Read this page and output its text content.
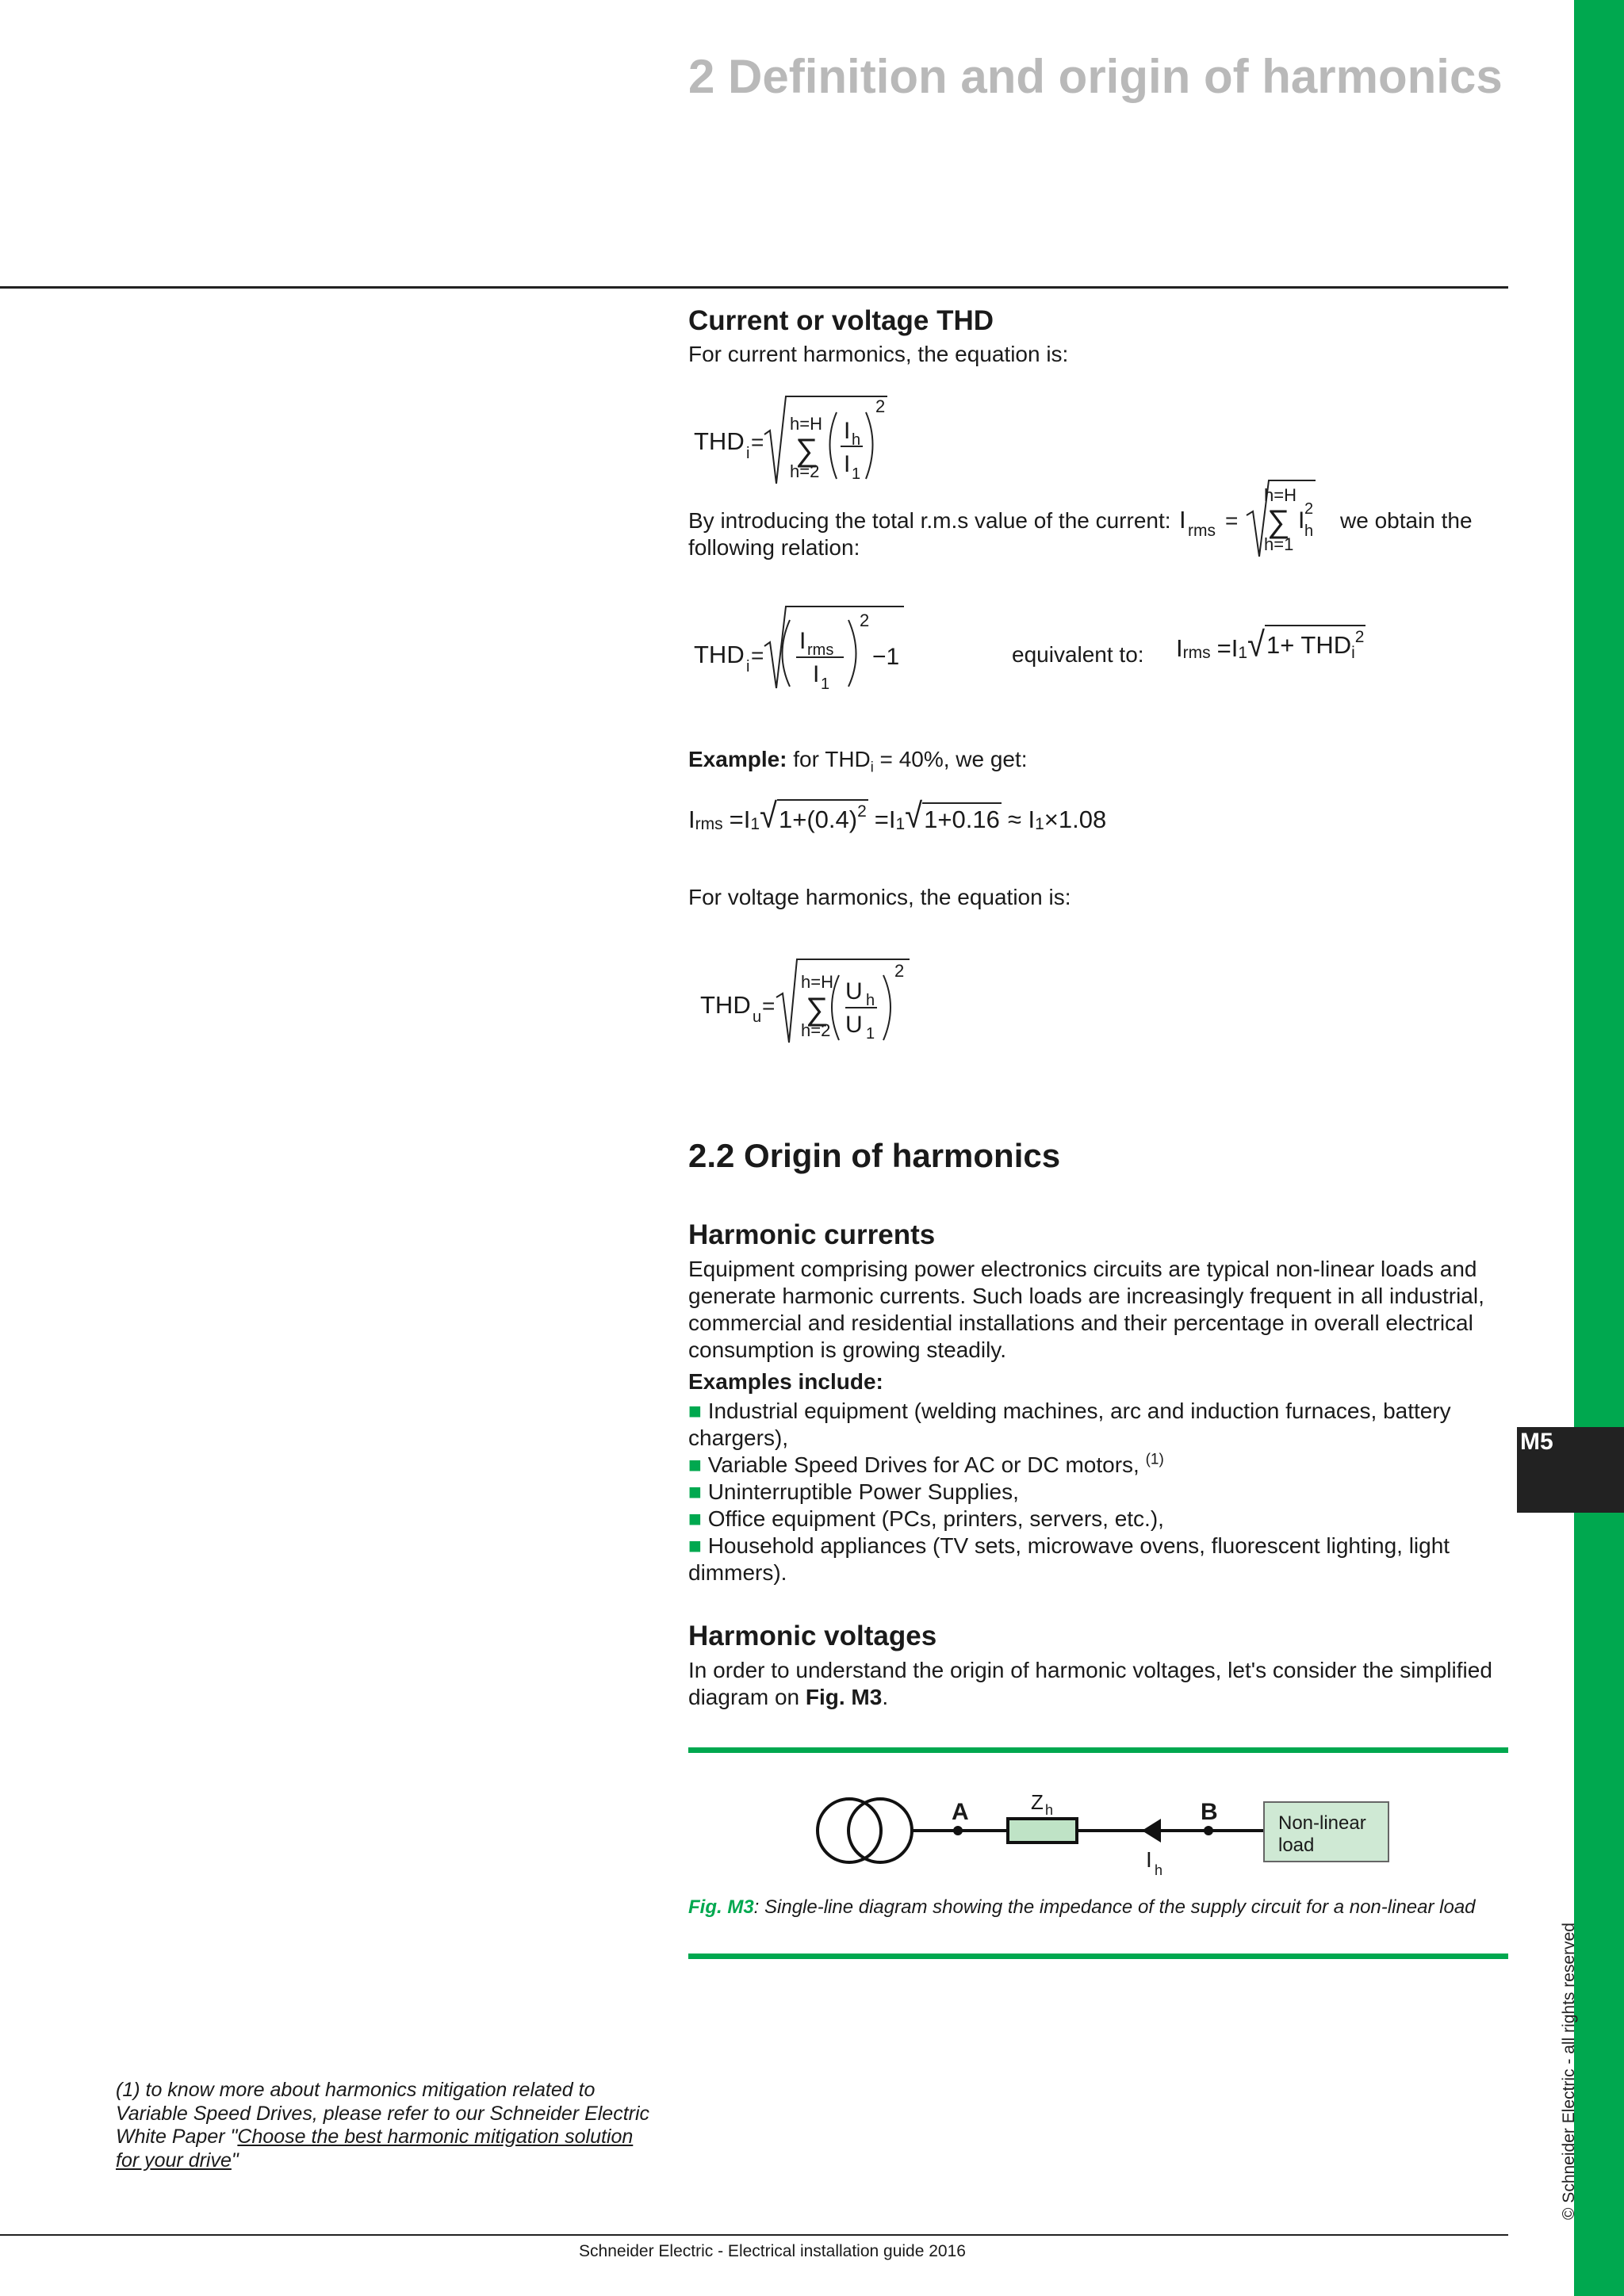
2 Definition and origin of harmonics
M5
© Schneider Electric - all rights reserved
Current or voltage THD
For current harmonics, the equation is:
By introducing the total r.m.s value of the current:	we obtain the
following relation:
equivalent to:
Example: for $THD_i = 40\%$, we get:
I rms =I 1 √ $1+(0.4)^2 =I$ 1 √ 1+0.16 ≈ I 1 ×1.08
I rms =I 1 √ $1+ THD_i^2$
For voltage harmonics, the equation is:
THD i =
h=H
∑
h=2
I h
I 1
2
I rms =
h=H
∑
h=1
I 2
h
THD i =
I rms
I 1
2
−1
THD u =
h=H
∑
h=2
U h
U 1
2
A	B
Z h
I h
Non-linear
load
2.2 Origin of harmonics
Harmonic currents
Equipment comprising power electronics circuits are typical non-linear loads and generate harmonic currents. Such loads are increasingly frequent in all industrial, commercial and residential installations and their percentage in overall electrical consumption is growing steadily.
Examples include:
■ Industrial equipment (welding machines, arc and induction furnaces, battery chargers),
■ Variable Speed Drives for AC or DC motors, $^{(1)}$
■ Uninterruptible Power Supplies,
■ Office equipment (PCs, printers, servers, etc.),
■ Household appliances (TV sets, microwave ovens, fluorescent lighting, light dimmers).
Harmonic voltages
In order to understand the origin of harmonic voltages, let's consider the simplified diagram on Fig. M3.
Fig. M3: Single-line diagram showing the impedance of the supply circuit for a non-linear load
(1) to know more about harmonics mitigation related to Variable Speed Drives, please refer to our Schneider Electric White Paper "Choose the best harmonic mitigation solution for your drive"
Schneider Electric - Electrical installation guide 2016
